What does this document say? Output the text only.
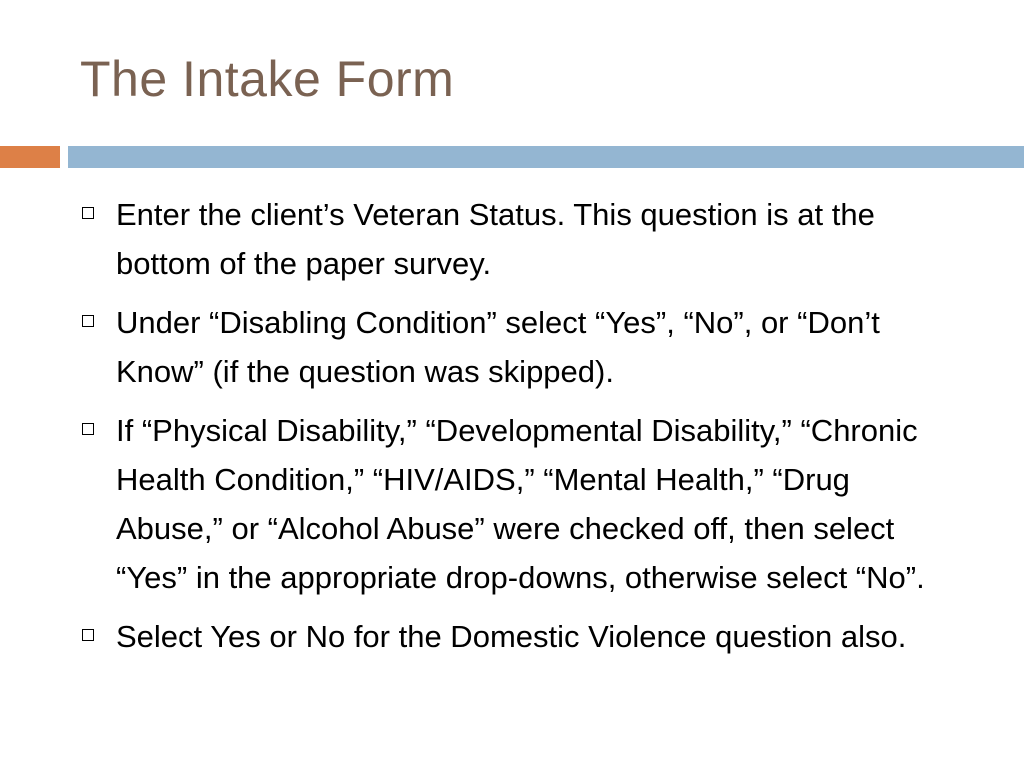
The Intake Form
Enter the client’s Veteran Status. This question is at the bottom of the paper survey.
Under “Disabling Condition” select “Yes”, “No”, or “Don’t Know” (if the question was skipped).
If “Physical Disability,” “Developmental Disability,” “Chronic Health Condition,” “HIV/AIDS,” “Mental Health,” “Drug Abuse,” or “Alcohol Abuse” were checked off, then select “Yes” in the appropriate drop-downs, otherwise select “No”.
Select Yes or No for the Domestic Violence question also.
